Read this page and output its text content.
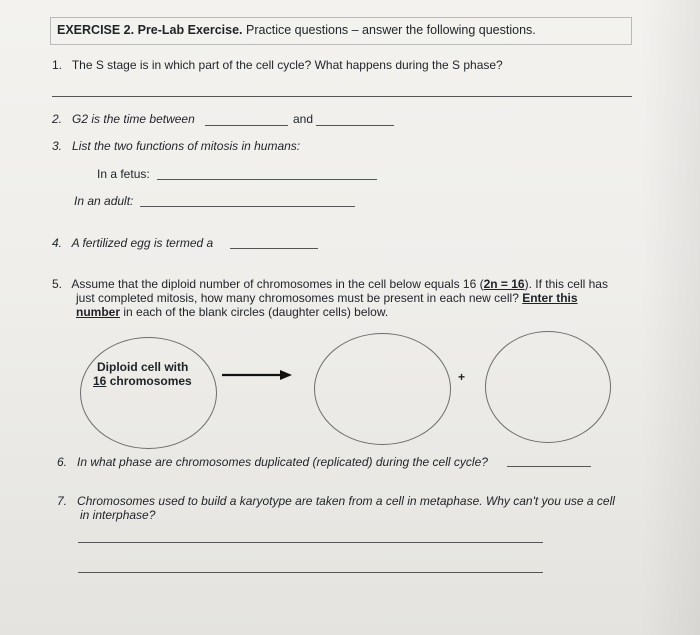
EXERCISE 2. Pre-Lab Exercise. Practice questions – answer the following questions.
1. The S stage is in which part of the cell cycle? What happens during the S phase?
2. G2 is the time between	and
3. List the two functions of mitosis in humans:
In a fetus:
In an adult:
4. A fertilized egg is termed a
5. Assume that the diploid number of chromosomes in the cell below equals 16 (2n = 16). If this cell has
just completed mitosis, how many chromosomes must be present in each new cell? Enter this
number in each of the blank circles (daughter cells) below.
Diploid cell with
16 chromosomes	+
6. In what phase are chromosomes duplicated (replicated) during the cell cycle?
7. Chromosomes used to build a karyotype are taken from a cell in metaphase. Why can't you use a cell
in interphase?
